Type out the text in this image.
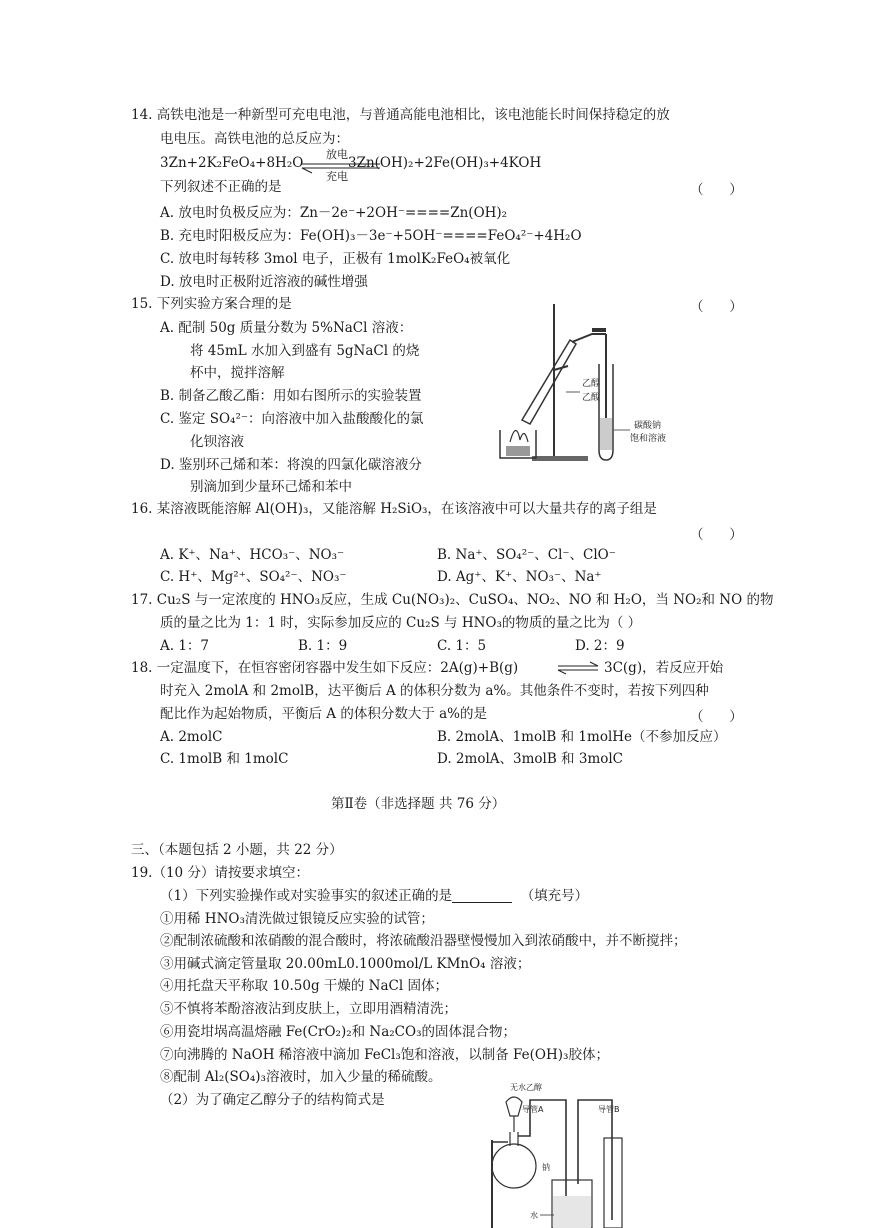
14. 高铁电池是一种新型可充电电池，与普通高能电池相比，该电池能长时间保持稳定的放
电电压。高铁电池的总反应为：
3Zn+2K₂FeO₄+8H₂O
放电
充电
3Zn(OH)₂+2Fe(OH)₃+4KOH
下列叙述不正确的是	（      ）
A. 放电时负极反应为：Zn－2e⁻+2OH⁻====Zn(OH)₂
B. 充电时阳极反应为：Fe(OH)₃－3e⁻+5OH⁻====FeO₄²⁻+4H₂O
C. 放电时每转移 3mol 电子，正极有 1molK₂FeO₄被氧化
D. 放电时正极附近溶液的碱性增强
15. 下列实验方案合理的是	（      ）
A. 配制 50g 质量分数为 5%NaCl 溶液：
将 45mL 水加入到盛有 5gNaCl 的烧
杯中，搅拌溶解
B. 制备乙酸乙酯：用如右图所示的实验装置
C. 鉴定 SO₄²⁻：向溶液中加入盐酸酸化的氯
化钡溶液
D. 鉴别环己烯和苯：将溴的四氯化碳溶液分
别滴加到少量环己烯和苯中
乙醇
乙酸
碳酸钠
饱和溶液
16. 某溶液既能溶解 Al(OH)₃，又能溶解 H₂SiO₃，在该溶液中可以大量共存的离子组是
（      ）
A. K⁺、Na⁺、HCO₃⁻、NO₃⁻	B. Na⁺、SO₄²⁻、Cl⁻、ClO⁻
C. H⁺、Mg²⁺、SO₄²⁻、NO₃⁻	D. Ag⁺、K⁺、NO₃⁻、Na⁺
17. Cu₂S 与一定浓度的 HNO₃反应，生成 Cu(NO₃)₂、CuSO₄、NO₂、NO 和 H₂O，当 NO₂和 NO 的物
质的量之比为 1：1 时，实际参加反应的 Cu₂S 与 HNO₃的物质的量之比为（ ）
A. 1：7	B. 1：9	C. 1：5	D. 2：9
18. 一定温度下，在恒容密闭容器中发生如下反应：2A(g)+B(g)	⇌ 3C(g)，若反应开始
时充入 2molA 和 2molB，达平衡后 A 的体积分数为 a%。其他条件不变时，若按下列四种
配比作为起始物质，平衡后 A 的体积分数大于 a%的是	（      ）
A. 2molC	B. 2molA、1molB 和 1molHe（不参加反应）
C. 1molB 和 1molC	D. 2molA、3molB 和 3molC
第Ⅱ卷（非选择题 共 76 分）
三、（本题包括 2 小题，共 22 分）
19.（10 分）请按要求填空：
（1）下列实验操作或对实验事实的叙述正确的是	（填充号）
①用稀 HNO₃清洗做过银镜反应实验的试管；
②配制浓硫酸和浓硝酸的混合酸时，将浓硫酸沿器壁慢慢加入到浓硝酸中，并不断搅拌；
③用碱式滴定管量取 20.00mL0.1000mol/L KMnO₄ 溶液；
④用托盘天平称取 10.50g 干燥的 NaCl 固体；
⑤不慎将苯酚溶液沾到皮肤上，立即用酒精清洗；
⑥用瓷坩埚高温熔融 Fe(CrO₂)₂和 Na₂CO₃的固体混合物；
⑦向沸腾的 NaOH 稀溶液中滴加 FeCl₃饱和溶液，以制备 Fe(OH)₃胶体；
⑧配制 Al₂(SO₄)₃溶液时，加入少量的稀硫酸。
（2）为了确定乙醇分子的结构简式是
无水乙醇
导管A
钠
水
导管B
